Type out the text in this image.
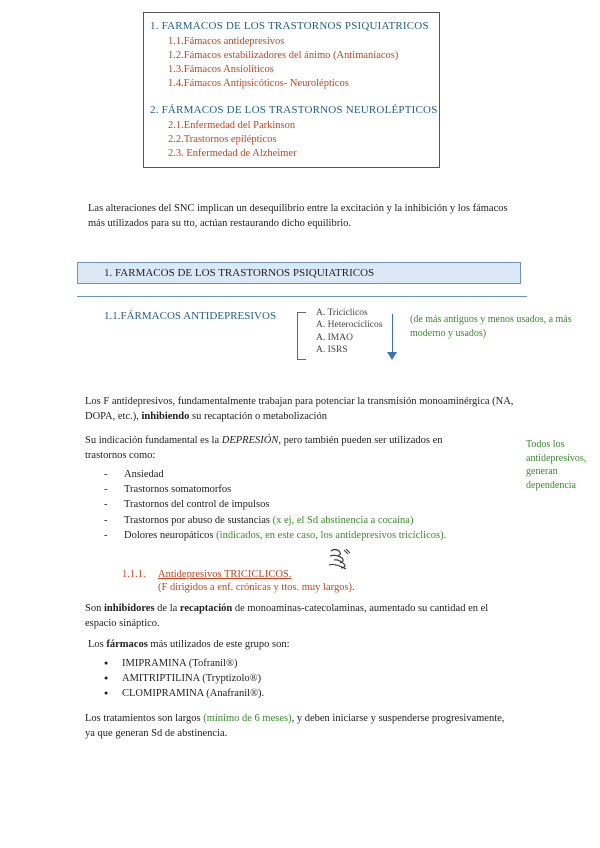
1. FARMACOS DE LOS TRASTORNOS PSIQUIATRICOS
1.1.Fámacos antidepresivos
1.2.Fámacos estabilizadores del ánimo (Antimaníacos)
1.3.Fámacos Ansiolíticos
1.4.Fámacos Antipsicóticos- Neurolépticos
2. FÁRMACOS DE LOS TRASTORNOS NEUROLÉPTICOS
2.1.Enfermedad del Parkinson
2.2.Trastornos epilépticos
2.3. Enfermedad de Alzheimer
Las alteraciones del SNC implican un desequilibrio entre la excitación y la inhibición y los fámacos más utilizados para su tto, actúan restaurando dicho equilibrio.
1. FARMACOS DE LOS TRASTORNOS PSIQUIATRICOS
1.1.FÁRMACOS ANTIDEPRESIVOS	A. Triciclicos
A. Heterocíclicos
A. IMAO
A. ISRS
(de más antiguos y menos usados, a más moderno y usados)
Los F antidepresivos, fundamentalmente trabajan para potenciar la transmisión monoaminérgica (NA, DOPA, etc.), inhibiendo su recaptación o metabolización
Su indicación fundamental es la DEPRESIÓN, pero también pueden ser utilizados en trastornos como:
Todos los antidepresivos, generan dependencia
- Ansiedad
- Trastornos somatomorfos
- Trastornos del control de impulsos
- Trastornos por abuso de sustancias (x ej, el Sd abstinencia a cocaína)
- Dolores neuropáticos (indicados, en este caso, los antidepresivos tricíclicos).
1.1.1. Antidepresivos TRICICLICOS.
(F dirigidos a enf. crónicas y ttos. muy largos).
Son inhibidores de la recaptación de monoaminas-catecolaminas, aumentado su cantidad en el espacio sináptico.
Los fármacos más utilizados de este grupo son:
● IMIPRAMINA (Tofranil®)
● AMITRIPTILINA (Tryptizolo®)
● CLOMIPRAMINA (Anafranil®).
Los tratamientos son largos (mínimo de 6 meses), y deben iniciarse y suspenderse progresivamente, ya que generan Sd de abstinencia.
